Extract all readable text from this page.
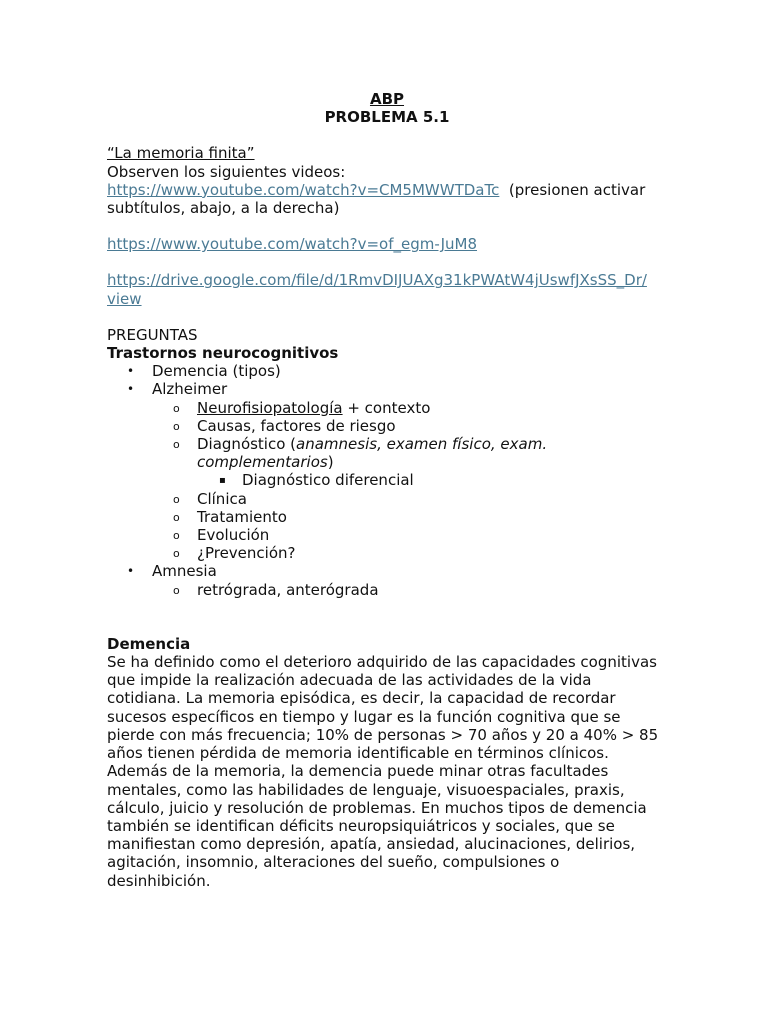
ABP
PROBLEMA 5.1
“La memoria finita”
Observen los siguientes videos:
https://www.youtube.com/watch?v=CM5MWWTDaTc (presionen activar
subtítulos, abajo, a la derecha)
https://www.youtube.com/watch?v=of_egm-JuM8
https://drive.google.com/file/d/1RmvDIJUAXg31kPWAtW4jUswfJXsSS_Dr/
view
PREGUNTAS
Trastornos neurocognitivos
• Demencia (tipos)
• Alzheimer
o Neurofisiopatología + contexto
o Causas, factores de riesgo
o Diagnóstico (anamnesis, examen físico, exam.
complementarios)
▪ Diagnóstico diferencial
o Clínica
o Tratamiento
o Evolución
o ¿Prevención?
• Amnesia
o retrógrada, anterógrada
Demencia
Se ha definido como el deterioro adquirido de las capacidades cognitivas
que impide la realización adecuada de las actividades de la vida
cotidiana. La memoria episódica, es decir, la capacidad de recordar
sucesos específicos en tiempo y lugar es la función cognitiva que se
pierde con más frecuencia; 10% de personas > 70 años y 20 a 40% > 85
años tienen pérdida de memoria identificable en términos clínicos.
Además de la memoria, la demencia puede minar otras facultades
mentales, como las habilidades de lenguaje, visuoespaciales, praxis,
cálculo, juicio y resolución de problemas. En muchos tipos de demencia
también se identifican déficits neuropsiquiátricos y sociales, que se
manifiestan como depresión, apatía, ansiedad, alucinaciones, delirios,
agitación, insomnio, alteraciones del sueño, compulsiones o
desinhibición.
